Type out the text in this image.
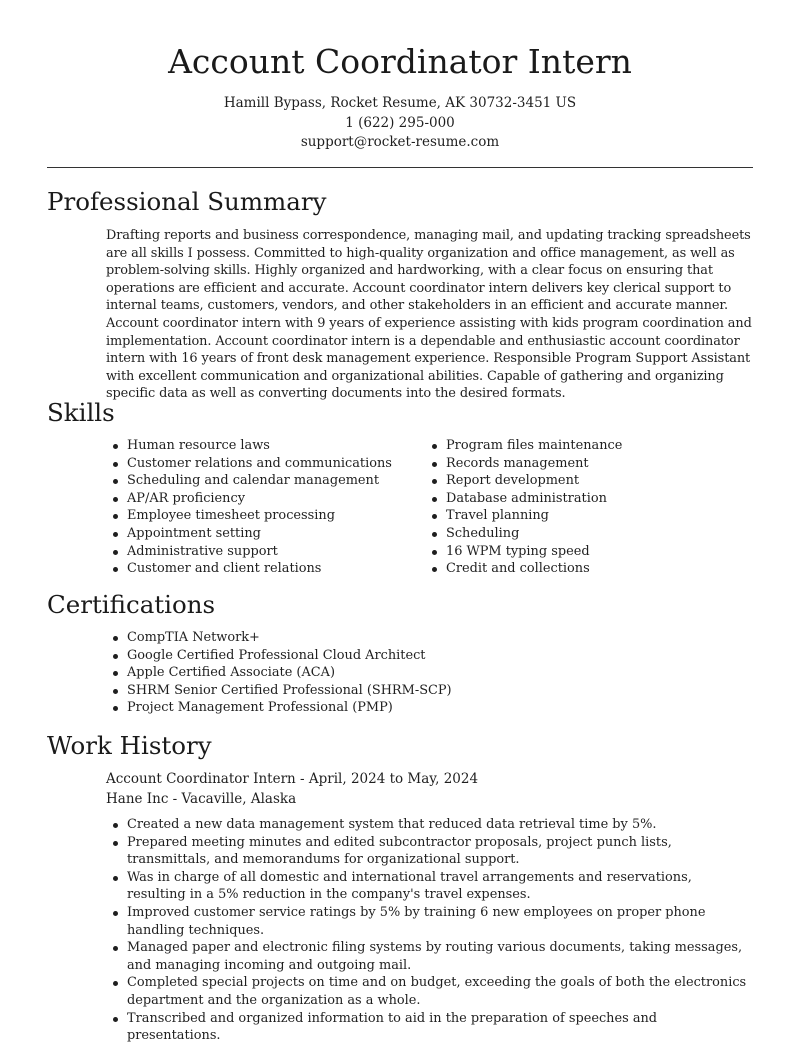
Account Coordinator Intern
Hamill Bypass, Rocket Resume, AK 30732-3451 US
1 (622) 295-000
support@rocket-resume.com
Professional Summary

Drafting reports and business correspondence, managing mail, and updating tracking spreadsheets are all skills I possess. Committed to high-quality organization and office management, as well as problem-solving skills. Highly organized and hardworking, with a clear focus on ensuring that operations are efficient and accurate. Account coordinator intern delivers key clerical support to internal teams, customers, vendors, and other stakeholders in an efficient and accurate manner. Account coordinator intern with 9 years of experience assisting with kids program coordination and implementation. Account coordinator intern is a dependable and enthusiastic account coordinator intern with 16 years of front desk management experience. Responsible Program Support Assistant with excellent communication and organizational abilities. Capable of gathering and organizing specific data as well as converting documents into the desired formats.

Skills
Human resource laws
Customer relations and communications
Scheduling and calendar management
AP/AR proficiency
Employee timesheet processing
Appointment setting
Administrative support
Customer and client relations
Program files maintenance
Records management
Report development
Database administration
Travel planning
Scheduling
16 WPM typing speed
Credit and collections
Certifications
CompTIA Network+
Google Certified Professional Cloud Architect
Apple Certified Associate (ACA)
SHRM Senior Certified Professional (SHRM-SCP)
Project Management Professional (PMP)
Work History
Account Coordinator Intern - April, 2024 to May, 2024
Hane Inc - Vacaville, Alaska
Created a new data management system that reduced data retrieval time by 5%.
Prepared meeting minutes and edited subcontractor proposals, project punch lists, transmittals, and memorandums for organizational support.
Was in charge of all domestic and international travel arrangements and reservations, resulting in a 5% reduction in the company's travel expenses.
Improved customer service ratings by 5% by training 6 new employees on proper phone handling techniques.
Managed paper and electronic filing systems by routing various documents, taking messages, and managing incoming and outgoing mail.
Completed special projects on time and on budget, exceeding the goals of both the electronics department and the organization as a whole.
Transcribed and organized information to aid in the preparation of speeches and presentations.
